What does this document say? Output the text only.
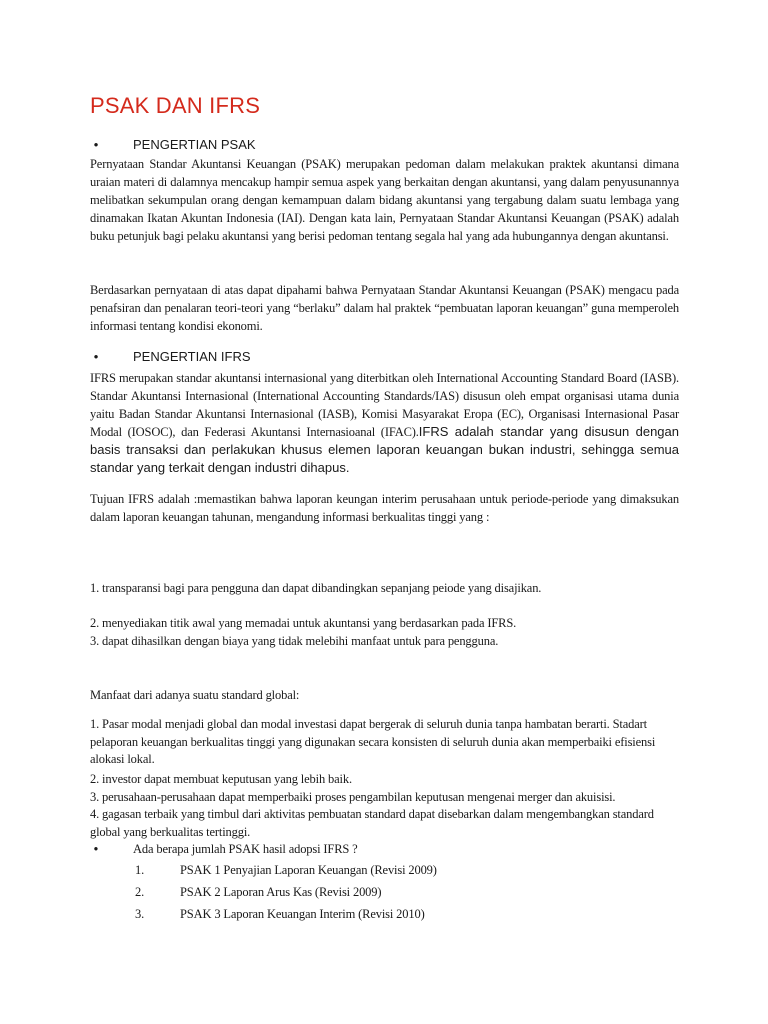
PSAK DAN IFRS
•	PENGERTIAN PSAK

Pernyataan Standar Akuntansi Keuangan (PSAK) merupakan pedoman dalam melakukan praktek akuntansi dimana uraian materi di dalamnya mencakup hampir semua aspek yang berkaitan dengan akuntansi, yang dalam penyusunannya melibatkan sekumpulan orang dengan kemampuan dalam bidang akuntansi yang tergabung dalam suatu lembaga yang dinamakan Ikatan Akuntan Indonesia (IAI). Dengan kata lain, Pernyataan Standar Akuntansi Keuangan (PSAK) adalah buku petunjuk bagi pelaku akuntansi yang berisi pedoman tentang segala hal yang ada hubungannya dengan akuntansi.

Berdasarkan pernyataan di atas dapat dipahami bahwa Pernyataan Standar Akuntansi Keuangan (PSAK) mengacu pada penafsiran dan penalaran teori-teori yang “berlaku” dalam hal praktek “pembuatan laporan keuangan” guna memperoleh informasi tentang kondisi ekonomi.

•	PENGERTIAN IFRS

IFRS merupakan standar akuntansi internasional yang diterbitkan oleh International Accounting Standard Board (IASB). Standar Akuntansi Internasional (International Accounting Standards/IAS) disusun oleh empat organisasi utama dunia yaitu Badan Standar Akuntansi Internasional (IASB), Komisi Masyarakat Eropa (EC), Organisasi Internasional Pasar Modal (IOSOC), dan Federasi Akuntansi Internasioanal (IFAC).IFRS adalah standar yang disusun dengan basis transaksi dan perlakukan khusus elemen laporan keuangan bukan industri, sehingga semua standar yang terkait dengan industri dihapus.

Tujuan IFRS adalah :memastikan bahwa laporan keungan interim perusahaan untuk periode-periode yang dimaksukan dalam laporan keuangan tahunan, mengandung informasi berkualitas tinggi yang :

1. transparansi bagi para pengguna dan dapat dibandingkan sepanjang peiode yang disajikan.

2. menyediakan titik awal yang memadai untuk akuntansi yang berdasarkan pada IFRS.

3. dapat dihasilkan dengan biaya yang tidak melebihi manfaat untuk para pengguna.

Manfaat dari adanya suatu standard global:

1. Pasar modal menjadi global dan modal investasi dapat bergerak di seluruh dunia tanpa hambatan berarti. Stadart pelaporan keuangan berkualitas tinggi yang digunakan secara konsisten di seluruh dunia akan memperbaiki efisiensi alokasi lokal.

2. investor dapat membuat keputusan yang lebih baik.

3. perusahaan-perusahaan dapat memperbaiki proses pengambilan keputusan mengenai merger dan akuisisi.

4. gagasan terbaik yang timbul dari aktivitas pembuatan standard dapat disebarkan dalam mengembangkan standard global yang berkualitas tertinggi.

•	Ada berapa jumlah PSAK hasil adopsi IFRS ?
1.	PSAK 1 Penyajian Laporan Keuangan (Revisi 2009)
2.	PSAK 2 Laporan Arus Kas (Revisi 2009)
3.	PSAK 3 Laporan Keuangan Interim (Revisi 2010)
